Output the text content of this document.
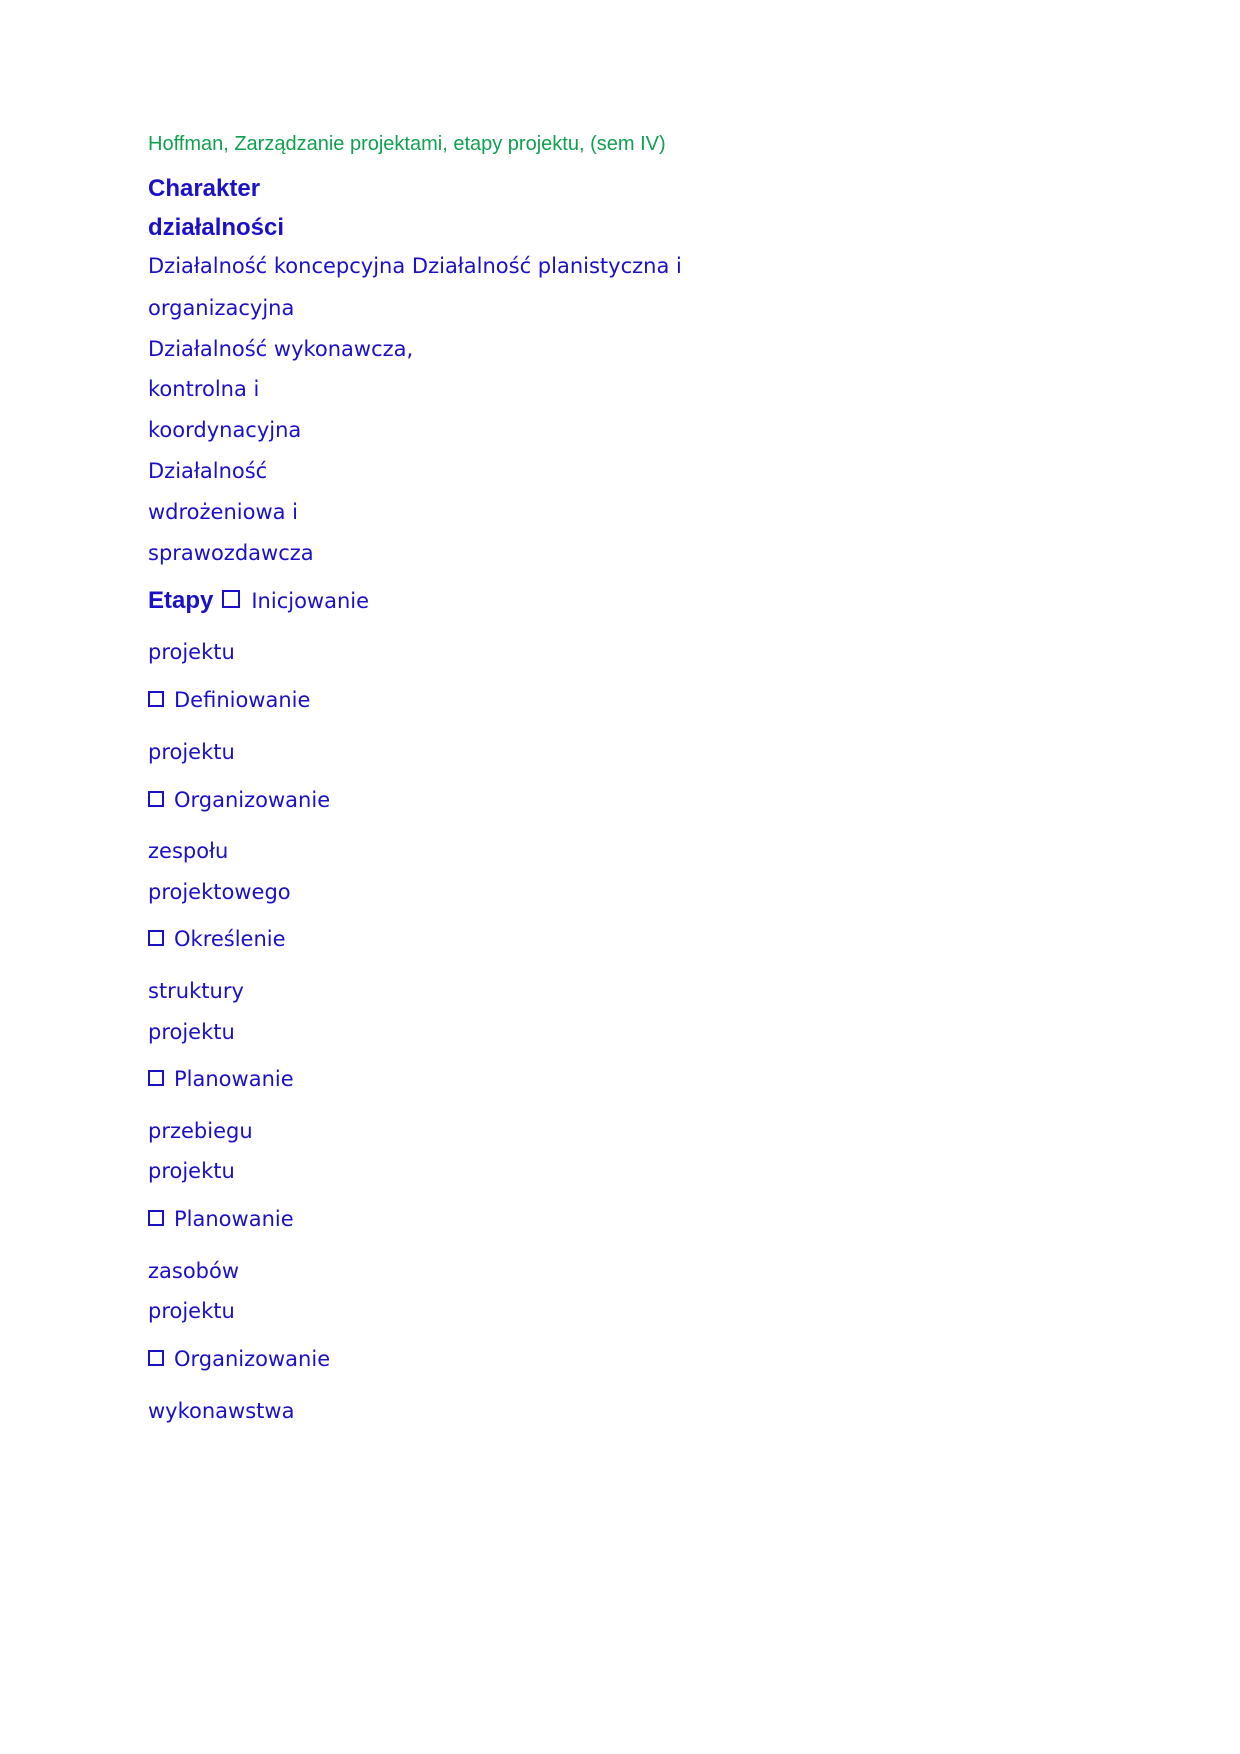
Hoffman, Zarządzanie projektami, etapy projektu, (sem IV)
Charakter
działalności
Działalność koncepcyjna Działalność planistyczna i
organizacyjna
Działalność wykonawcza,
kontrolna i
koordynacyjna
Działalność
wdrożeniowa i
sprawozdawcza
Etapy Inicjowanie
projektu
Definiowanie
projektu
Organizowanie
zespołu
projektowego
Określenie
struktury
projektu
Planowanie
przebiegu
projektu
Planowanie
zasobów
projektu
Organizowanie
wykonawstwa
